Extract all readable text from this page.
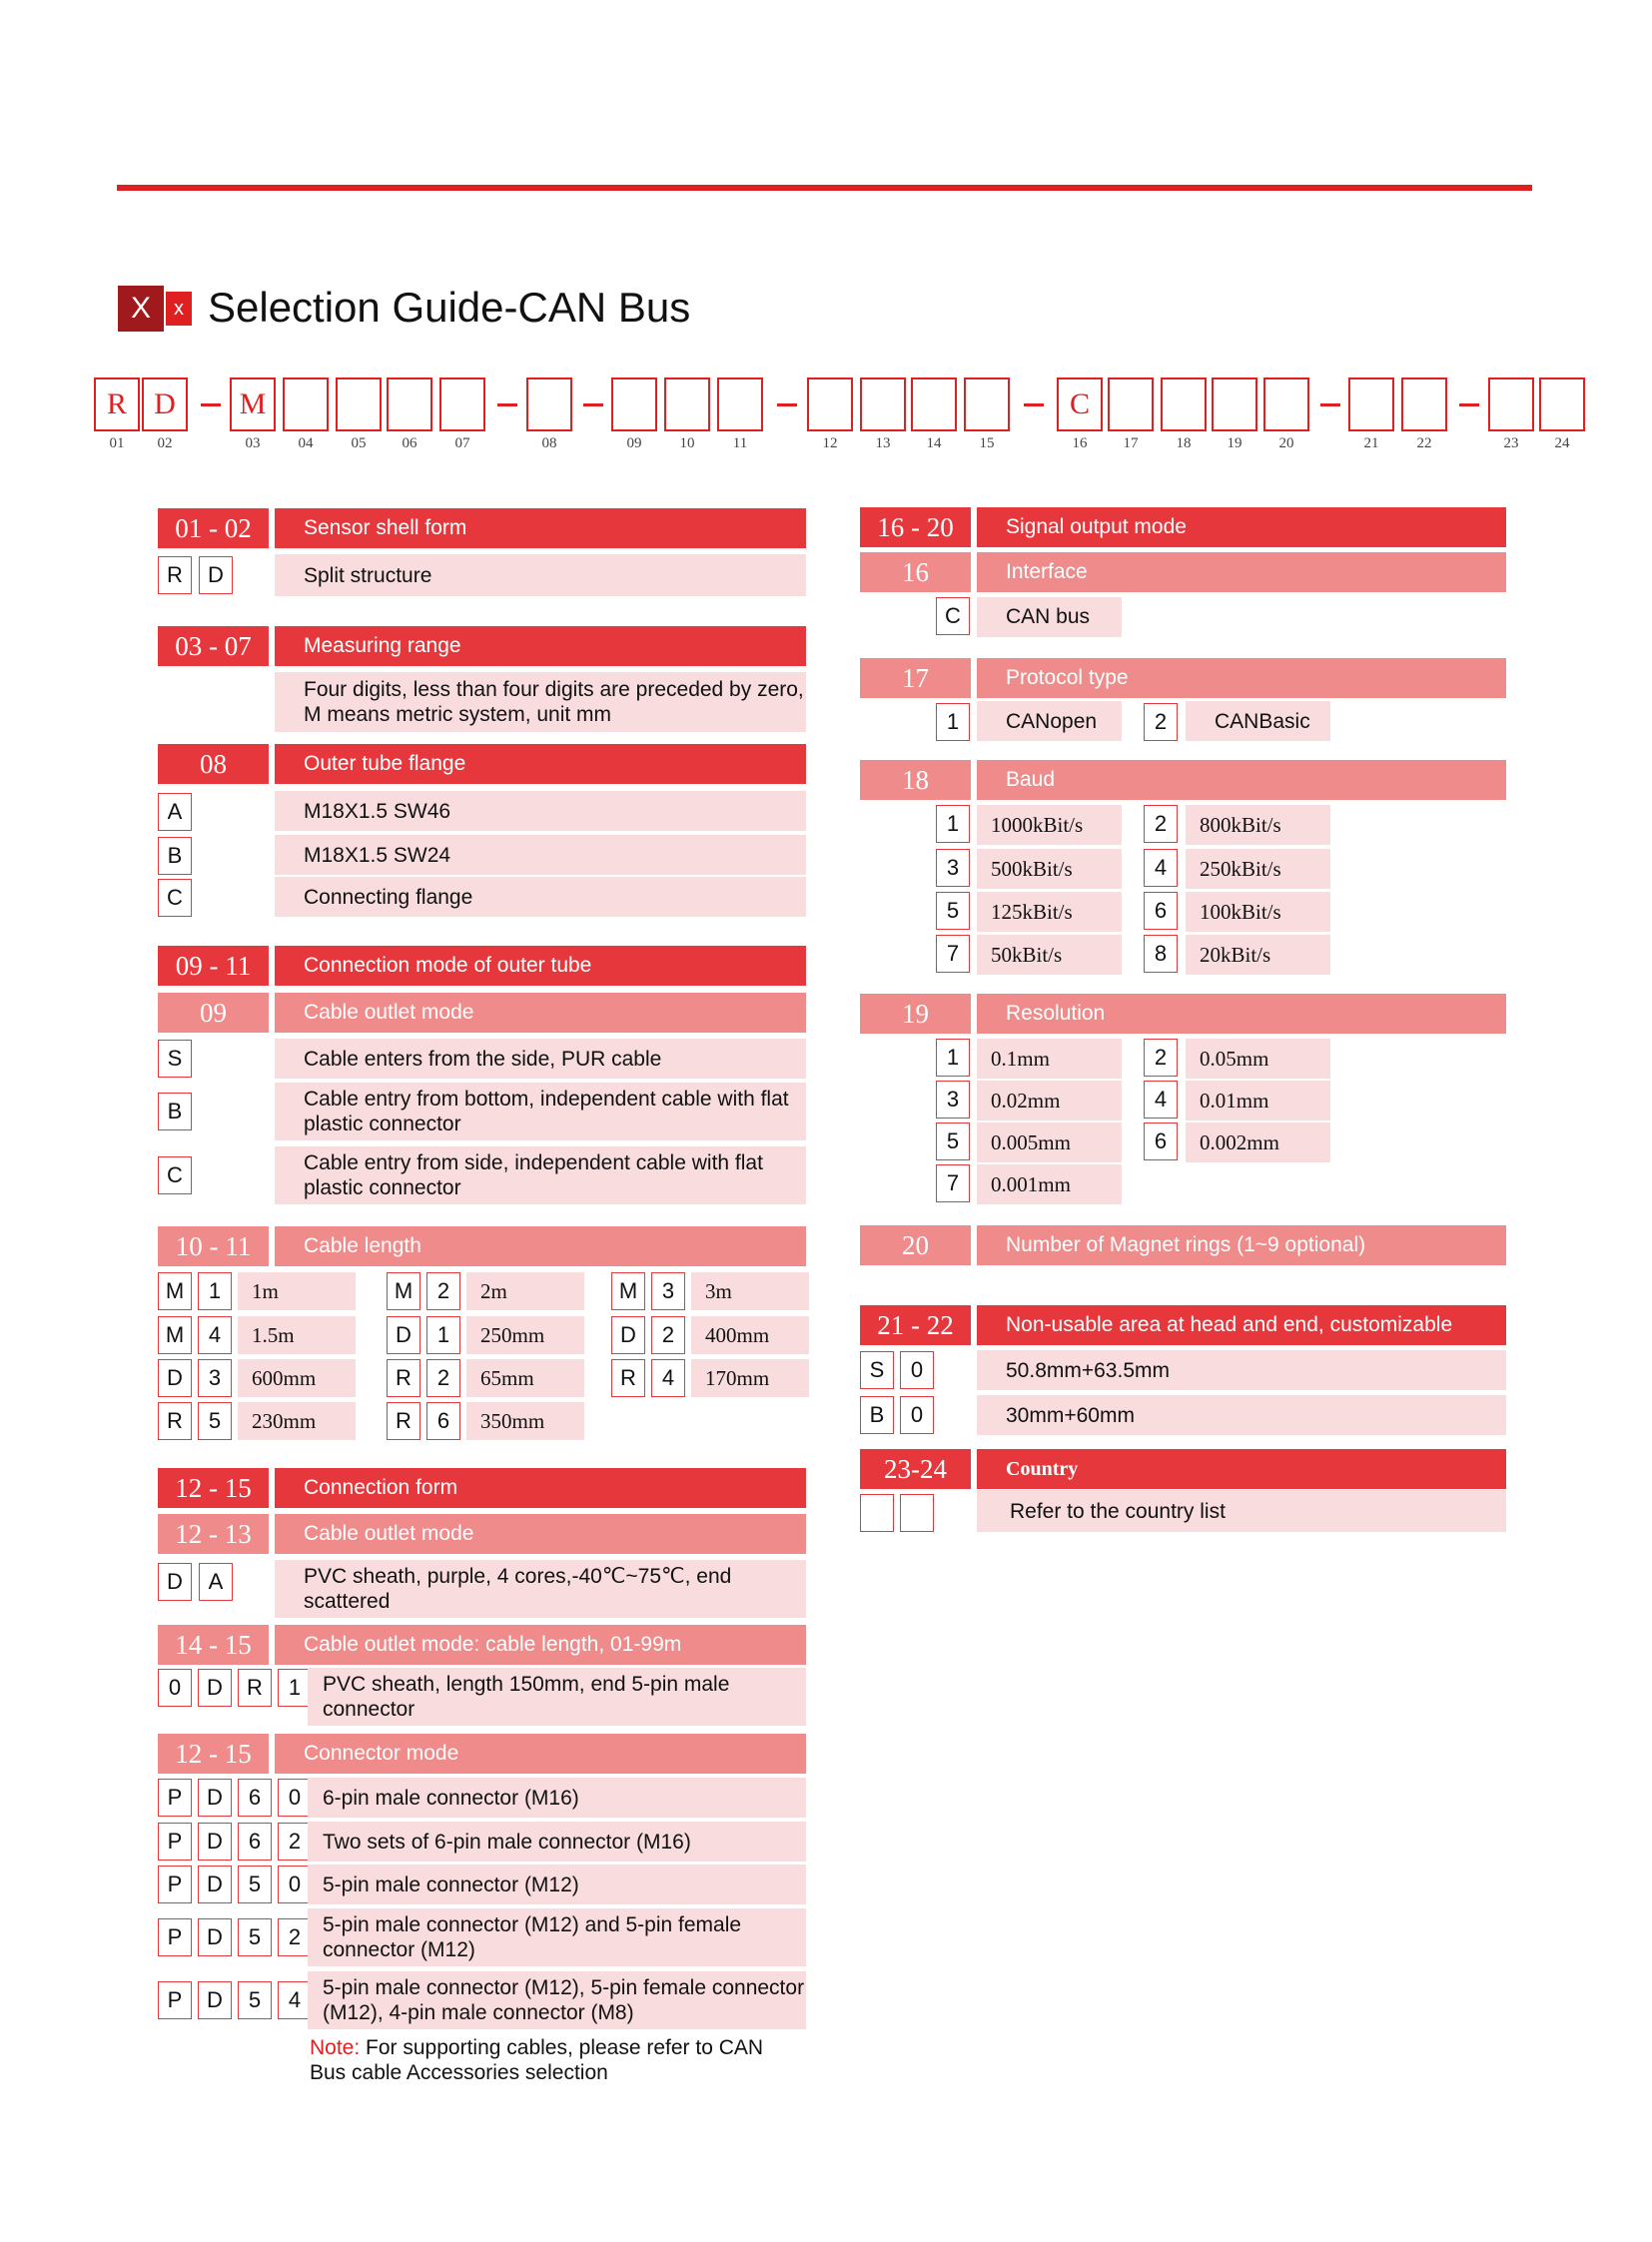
X	x Selection Guide-CAN Bus
R
01
D
02
M
03	04	05	06	07	08	09	10	11	12	13	14	15
C
16	17	18	19	20	21	22	23	24
01 - 02	Sensor shell form
R	D	Split structure
03 - 07	Measuring range
Four digits, less than four digits are preceded by zero, M means metric system, unit mm
08	Outer tube flange
A	M18X1.5 SW46
B	M18X1.5 SW24
C	Connecting flange
09 - 11	Connection mode of outer tube
09	Cable outlet mode
S	Cable enters from the side, PUR cable
B	Cable entry from bottom, independent cable with flat plastic connector
C	Cable entry from side, independent cable with flat plastic connector
10 - 11	Cable length
M	1	1m	M	2	2m	M	3	3m
M	4	1.5m	D	1	250mm	D	2	400mm
D	3	600mm	R	2	65mm	R	4	170mm
R	5	230mm	R	6	350mm
12 - 15	Connection form
12 - 13	Cable outlet mode
D	A	PVC sheath, purple, 4 cores,-40℃~75℃, end scattered
14 - 15	Cable outlet mode: cable length, 01-99m
0	D	R	1	PVC sheath, length 150mm, end 5-pin male connector
12 - 15	Connector mode
P	D	6	0	6-pin male connector (M16)
P	D	6	2	Two sets of 6-pin male connector (M16)
P	D	5	0	5-pin male connector (M12)
P	D	5	2	5-pin male connector (M12) and 5-pin female connector (M12)
P	D	5	4	5-pin male connector (M12), 5-pin female connector (M12), 4-pin male connector (M8)
Note: For supporting cables, please refer to CAN Bus cable Accessories selection
16 - 20	Signal output mode
16	Interface
C	CAN bus
17	Protocol type
1	CANopen	2	CANBasic
18	Baud
1	1000kBit/s	2	800kBit/s
3	500kBit/s	4	250kBit/s
5	125kBit/s	6	100kBit/s
7	50kBit/s	8	20kBit/s
19	Resolution
1	0.1mm	2	0.05mm
3	0.02mm	4	0.01mm
5	0.005mm	6	0.002mm
7	0.001mm
20	Number of Magnet rings (1~9 optional)
21 - 22	Non-usable area at head and end, customizable
S	0	50.8mm+63.5mm
B	0	30mm+60mm
23-24	Country
Refer to the country list
